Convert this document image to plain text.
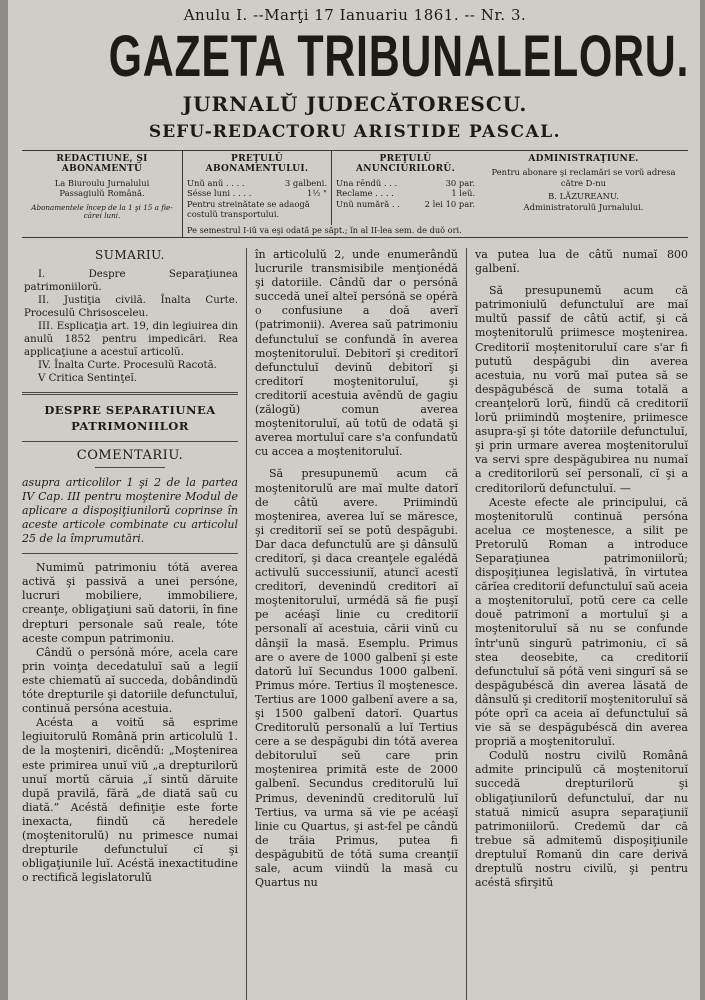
Anulu I. --Marţi 17 Ianuariu 1861. -- Nr. 3.
GAZETA TRIBUNALELORU.
JURNALŬ JUDECĂTORESCU.
SEFU-REDACTORU ARISTIDE PASCAL.
REDACTIUNE, ŞI ABONAMENTŬ
La Biuroulu Jurnalului
Passagiulŭ Română.
Abonamentele încep de la 1 şi 15 a fie-cărei luni.
PREŢULŬ ABONAMENTULUI.
Unŭ anŭ . . . .	3 galbeni.
Sésse luni . . . .	1½ "
Pentru streinătate se adaogă costulŭ transportului.
PREŢULŬ ANUNCIURILORŬ.
Una rēndŭ . . .	30 par.
Reclame . . . .	1 leŭ.
Unŭ numără . .	2 lei 10 par.
Pe semestrul I-iŭ va eşi odată pe săpt.; ĭn al II-lea sem. de duŏ ori.
ADMINISTRAŢIUNE.
Pentru abonare şi reclamări se vorŭ adresa către D-nu
B. LĂZUREANU.
Administratorulŭ Jurnalului.
SUMARIU.

I. Despre Separaţiunea patrimoniilorŭ.

II. Justiţia civilă. Înalta Curte. Procesulŭ Chrisosceleu.

III. Esplicaţia art. 19, din legiuirea din anulŭ 1852 pentru impedicări. Rea applicaţiune a acestuĭ articolŭ.

IV. Înalta Curte. Procesulŭ Racotă.

V Critica Sentinţeĭ.

DESPRE SEPARATIUNEA
PATRIMONIILOR
COMENTARIU.

asupra articolilor 1 şi 2 de la partea IV Cap. III pentru moştenire Modul de aplicare a dispoşiţiunilorŭ coprinse în aceste articole combinate cu articolul 25 de la împrumutări.

Numimŭ patrimoniu tótă averea activă şi passivă a unei persóne, lucruri mobiliere, immobiliere, creanţe, obligaţiuni saŭ datorii, în fine drepturi personale saŭ reale, tóte aceste compun patrimoniu.

Cândŭ o persónă móre, acela care prin voinţa decedatuluĭ saŭ a legiĭ este chiematŭ aĭ succeda, dobândindŭ tóte drepturile şi datoriile defunctuluĭ, continuă persóna acestuia.

Acésta a voitŭ să esprime legiuitorulŭ Română prin articolulŭ 1. de la moşteniri, dicēndŭ: „Moştenirea este primirea unuĭ viŭ „a drepturilorŭ unuĭ mortŭ căruia „ĭ sintŭ dăruite după pravilă, fără „de diată saŭ cu diată.” Acéstă definiţie este forte inexacta, fiindŭ că heredele (moştenitorulŭ) nu primesce numai drepturile defunctuluĭ cĭ şi obligaţiunile luĭ. Acéstă inexactitudine o rectifică legislatorulŭ

în articolulŭ 2, unde enumerândŭ lucrurile transmisibile menţionédă şi datoriile. Cândŭ dar o persónă succedă uneĭ alteĭ persónă se opéră o confusiune a doă averĭ (patrimonii). Averea saŭ patrimoniu defunctuluĭ se confundă în averea moştenitoruluĭ. Debitorĭ şi creditorĭ defunctuluĭ devinŭ debitorĭ şi creditorĭ moştenitoruluĭ, şi creditoriĭ acestuia avēndŭ de gagiu (zălogŭ) comun averea moştenitoruluĭ, aŭ totŭ de odată şi averea mortuluĭ care s'a confundatŭ cu accea a moştenitoruluĭ.

Să presupunemŭ acum că moştenitorulŭ are maĭ multe datorĭ de câtŭ avere. Priimindŭ moştenirea, averea luĭ se măresce, şi creditoriĭ seĭ se potŭ despăgubi. Dar daca defunctulŭ are şi dânsulŭ creditorĭ, şi daca creanţele egalédă activulŭ successiuniĭ, atuncĭ acestĭ creditorĭ, devenindŭ creditorĭ aĭ moştenitoruluĭ, urmédă să fie puşĭ pe acéaşĭ linie cu creditoriĭ personalĭ aĭ acestuia, cării vinŭ cu dânşiĭ la masă. Esemplu. Primus are o avere de 1000 galbenĭ şi este datorŭ luĭ Secundus 1000 galbenĭ. Primus móre. Tertius îl moştenesce. Tertius are 1000 galbenĭ avere a sa, şi 1500 galbenĭ datorĭ. Quartus Creditorulŭ personalŭ a luĭ Tertius cere a se despăgubi din tótă averea debitoruluĭ seŭ care prin moştenirea primită este de 2000 galbenĭ. Secundus creditorulŭ luĭ Primus, devenindŭ creditorulŭ luĭ Tertius, va urma să vie pe acéaşĭ linie cu Quartus, şi ast-fel pe cândŭ de trăia Primus, putea fi despăgubitŭ de tótă suma creanţiĭ sale, acum viindŭ la masă cu Quartus nu

va putea lua de câtŭ numaĭ 800 galbenĭ.

Să presupunemŭ acum că patrimoniulŭ defunctuluĭ are maĭ multŭ passif de câtŭ actif, şi că moştenitorulŭ priimesce moştenirea. Creditoriĭ moştenitoruluĭ care s'ar fi pututŭ despăgubi din averea acestuia, nu vorŭ maĭ putea să se despăgubéscă de suma totală a creanţelorŭ lorŭ, fiindŭ că creditoriĭ lorŭ priimindŭ moştenire, priimesce asupra-şĭ şi tóte datoriile defunctuluĭ, şi prin urmare averea moştenitoruluĭ va servi spre despăgubirea nu numaĭ a creditorilorŭ seĭ personalĭ, cĭ şi a creditorilorŭ defunctuluĭ. —

Aceste efecte ale principului, că moştenitorulŭ continuă persóna acelua ce moştenesce, a silit pe Pretorulŭ Roman a introduce Separaţiunea patrimoniilorŭ; dispoşiţiunea legislativă, în virtutea cărĭea creditoriĭ defunctuluĭ saŭ aceia a moştenitoruluĭ, potŭ cere ca celle douĕ patrimonĭ a mortuluĭ şi a moştenitoruluĭ să nu se confunde într'unŭ singurŭ patrimoniu, cĭ să stea deosebite, ca creditoriĭ defunctuluĭ să pótă veni singurĭ să se despăgubéscă din averea lăsată de dânsulŭ şi creditoriĭ moştenitoruluĭ să póte oprĭ ca aceia aĭ defunctuluĭ să vie să se despăgubéscă din averea propriă a moştenitoruluĭ.

Codulŭ nostru civilŭ Română admite principulŭ că moştenitoruĭ succedă drepturilorŭ şi obligaţiunilorŭ defunctuluĭ, dar nu statuă nimicŭ asupra separaţiuniĭ patrimoniilorŭ. Credemŭ dar că trebue să admitemŭ dispoşiţiunile dreptuluĭ Romanŭ din care derivă dreptulŭ nostru civilŭ, şi pentru acéstă sfirşitŭ
